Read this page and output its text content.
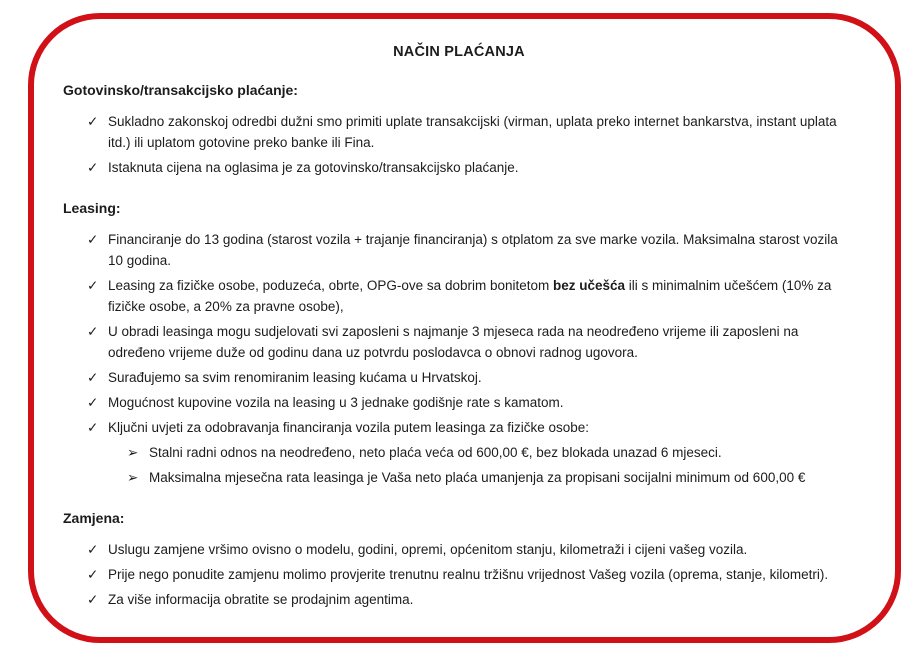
NAČIN PLAĆANJA
Gotovinsko/transakcijsko plaćanje:
✓ Sukladno zakonskoj odredbi dužni smo primiti uplate transakcijski (virman, uplata preko internet bankarstva, instant uplata itd.) ili uplatom gotovine preko banke ili Fina.
✓ Istaknuta cijena na oglasima je za gotovinsko/transakcijsko plaćanje.
Leasing:
✓ Financiranje do 13 godina (starost vozila + trajanje financiranja) s otplatom za sve marke vozila. Maksimalna starost vozila 10 godina.
✓ Leasing za fizičke osobe, poduzeća, obrte, OPG-ove sa dobrim bonitetom bez učešća ili s minimalnim učešćem (10% za fizičke osobe, a 20% za pravne osobe),
✓ U obradi leasinga mogu sudjelovati svi zaposleni s najmanje 3 mjeseca rada na neodređeno vrijeme ili zaposleni na određeno vrijeme duže od godinu dana uz potvrdu poslodavca o obnovi radnog ugovora.
✓ Surađujemo sa svim renomiranim leasing kućama u Hrvatskoj.
✓ Mogućnost kupovine vozila na leasing u 3 jednake godišnje rate s kamatom.
✓ Ključni uvjeti za odobravanja financiranja vozila putem leasinga za fizičke osobe:
➢ Stalni radni odnos na neodređeno, neto plaća veća od 600,00 €, bez blokada unazad 6 mjeseci.
➢ Maksimalna mjesečna rata leasinga je Vaša neto plaća umanjenja za propisani socijalni minimum od 600,00 €
Zamjena:
✓ Uslugu zamjene vršimo ovisno o modelu, godini, opremi, općenitom stanju, kilometraži i cijeni vašeg vozila.
✓ Prije nego ponudite zamjenu molimo provjerite trenutnu realnu tržišnu vrijednost Vašeg vozila (oprema, stanje, kilometri).
✓ Za više informacija obratite se prodajnim agentima.
